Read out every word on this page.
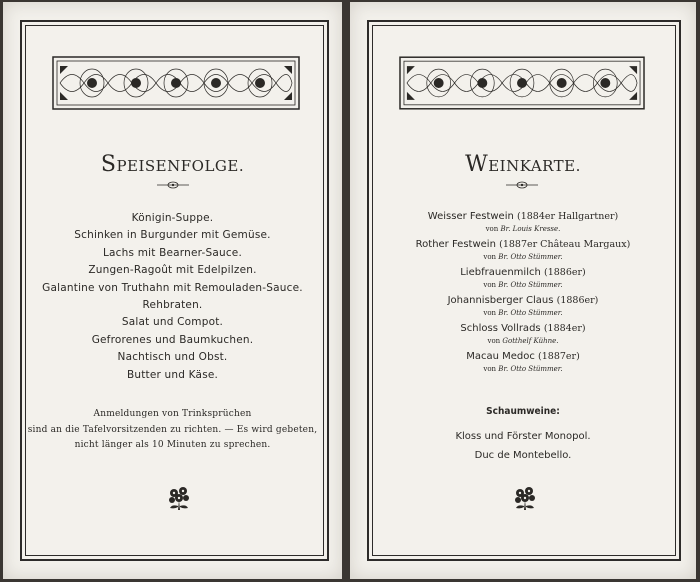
SPEISENFOLGE.
Königin-Suppe.
Schinken in Burgunder mit Gemüse.
Lachs mit Bearner-Sauce.
Zungen-Ragoût mit Edelpilzen.
Galantine von Truthahn mit Remouladen-Sauce.
Rehbraten.
Salat und Compot.
Gefrorenes und Baumkuchen.
Nachtisch und Obst.
Butter und Käse.
Anmeldungen von Trinksprüchen
sind an die Tafelvorsitzenden zu richten. — Es wird gebeten,
nicht länger als 10 Minuten zu sprechen.
WEINKARTE.
Weisser Festwein (1884er Hallgartner)
von Br. Louis Kresse.
Rother Festwein (1887er Château Margaux)
von Br. Otto Stümmer.
Liebfrauenmilch (1886er)
von Br. Otto Stümmer.
Johannisberger Claus (1886er)
von Br. Otto Stümmer.
Schloss Vollrads (1884er)
von Gotthelf Kühne.
Macau Medoc (1887er)
von Br. Otto Stümmer.
Schaumweine:
Kloss und Förster Monopol.
Duc de Montebello.
